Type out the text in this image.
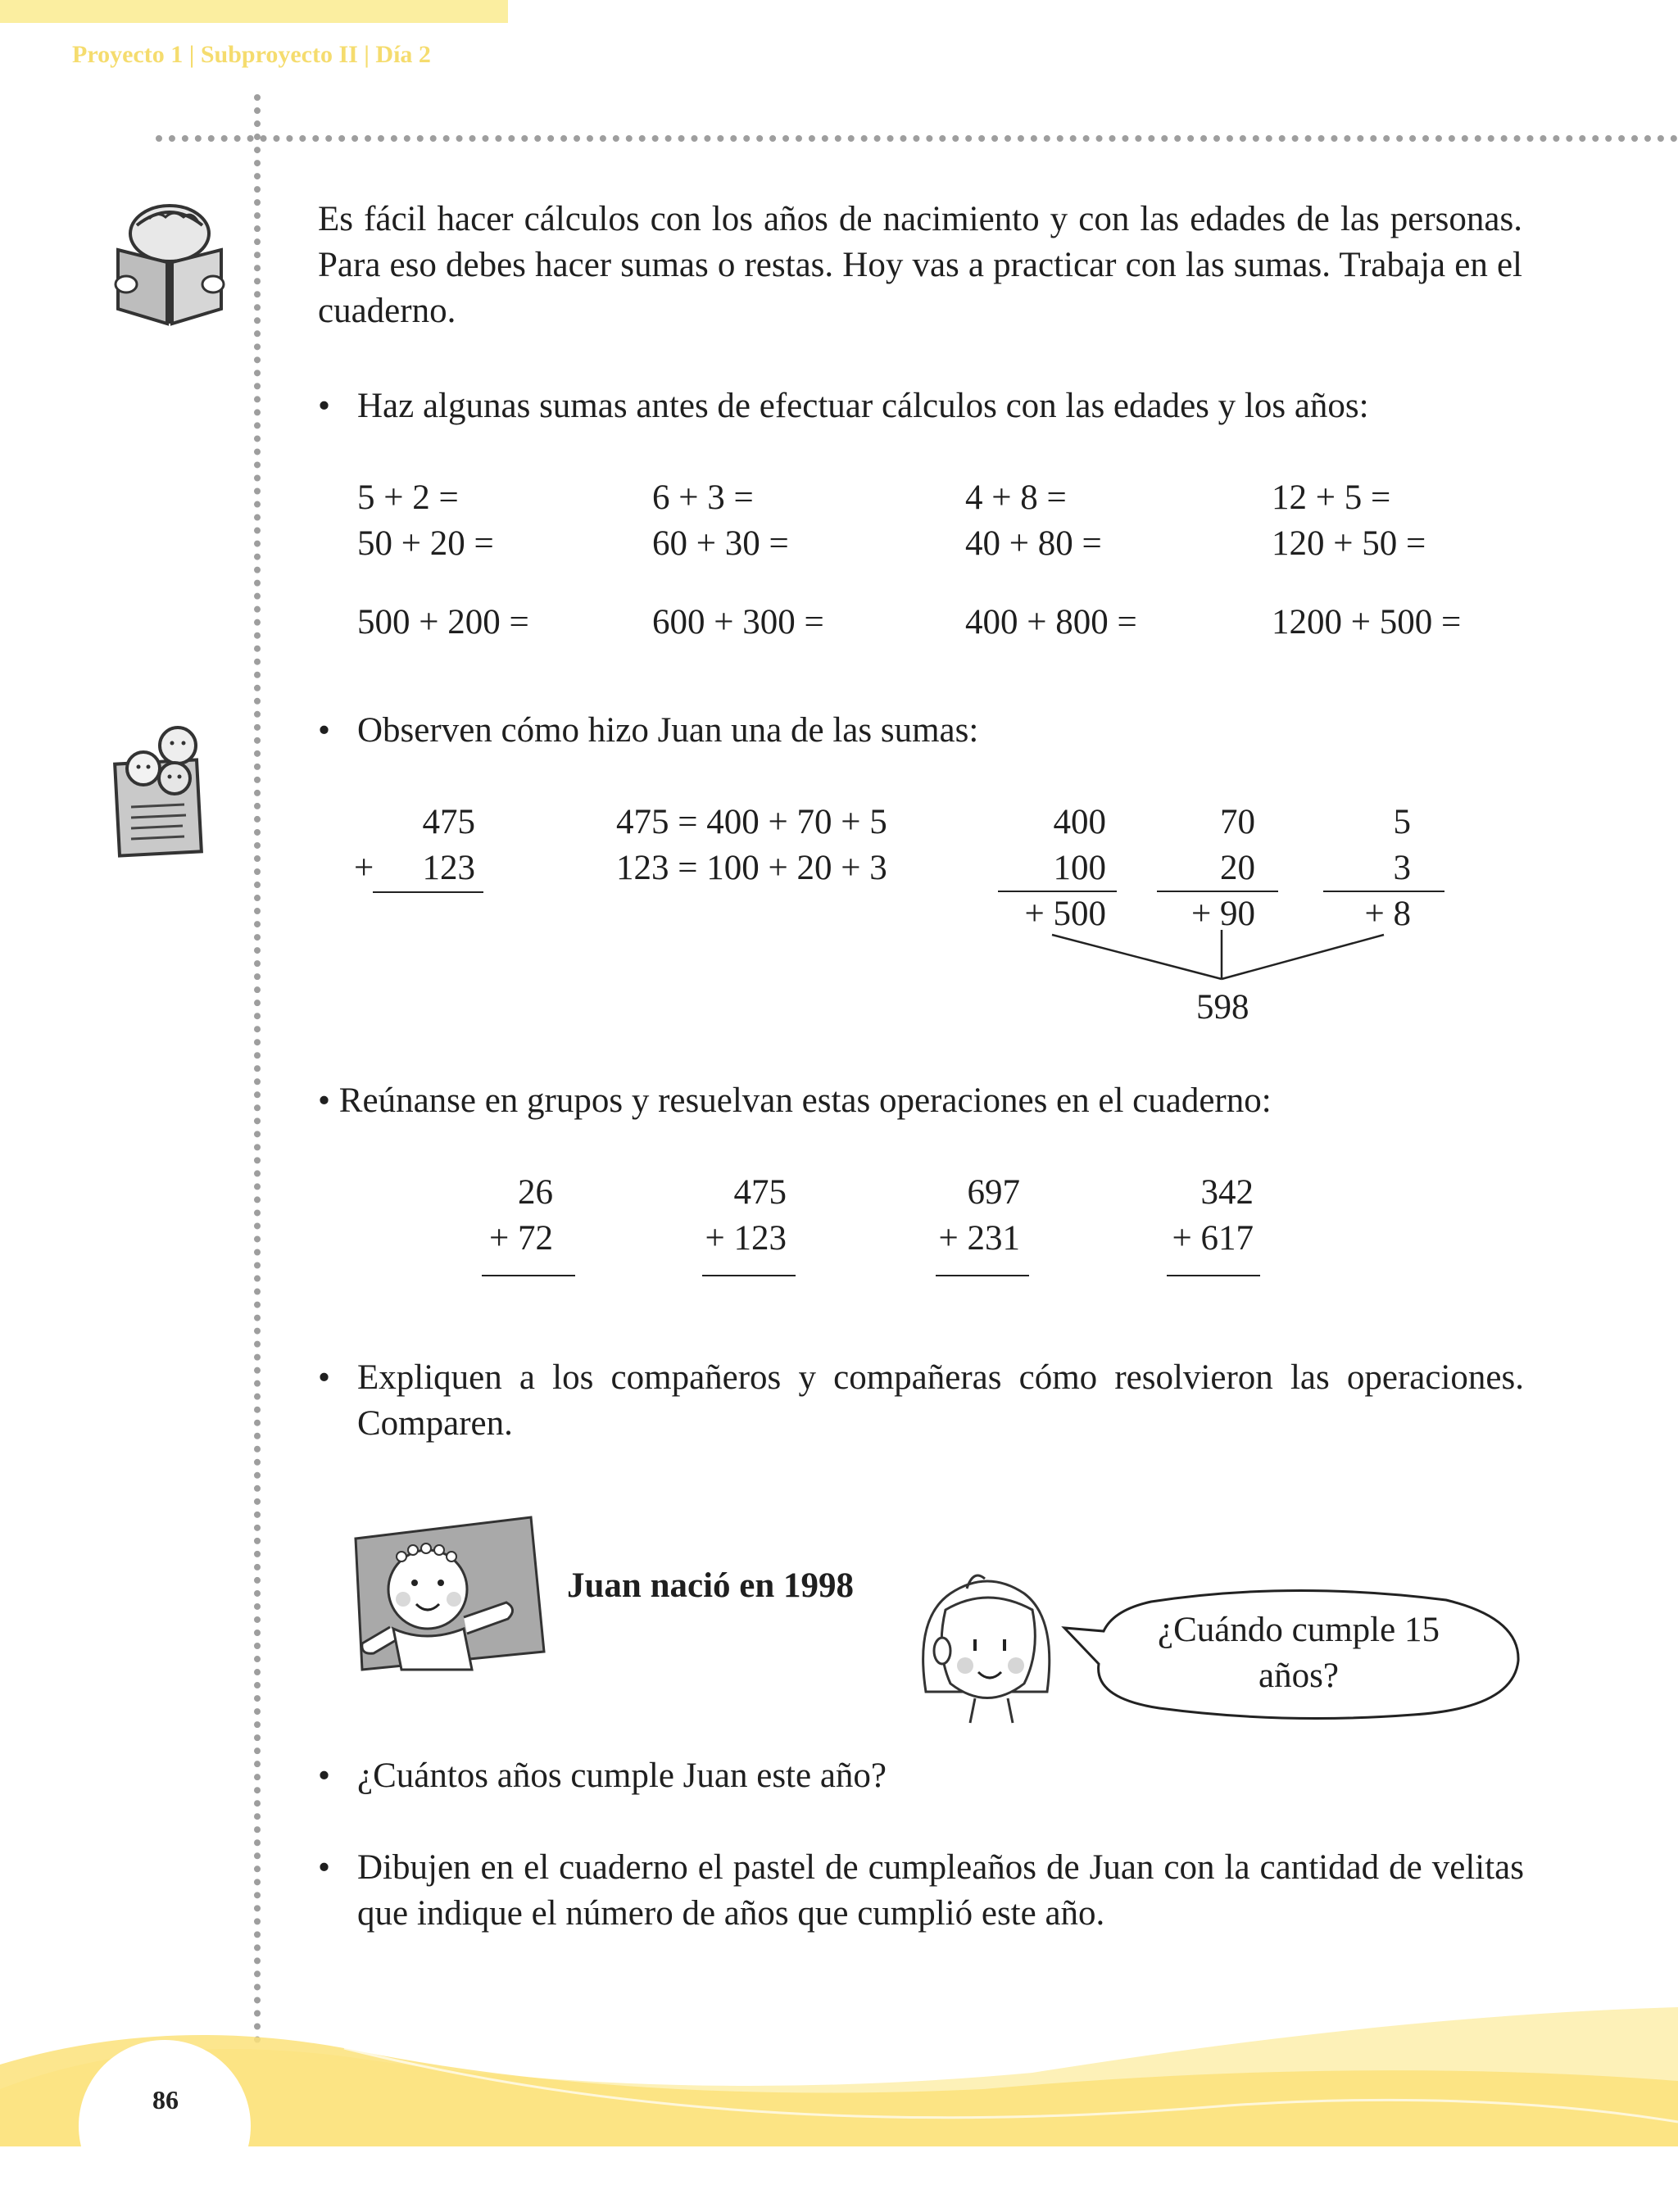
Proyecto 1 | Subproyecto II | Día 2
Es fácil hacer cálculos con los años de nacimiento y con las edades de las personas. Para eso debes hacer sumas o restas. Hoy vas a practicar con las sumas. Trabaja en el cuaderno.
• Haz algunas sumas antes de efectuar cálculos con las edades y los años:
5 + 2 =
50 + 20 =
500 + 200 =
6 + 3 =
60 + 30 =
600 + 300 =
4 + 8 =
40 + 80 =
400 + 800 =
12 + 5 =
120 + 50 =
1200 + 500 =
• Observen cómo hizo Juan una de las sumas:
475
+	123
475 = 400 + 70 + 5
123 = 100 + 20 + 3
400
100
+ 500
70
20
+ 90
5
3
+ 8
598
• Reúnanse en grupos y resuelvan estas operaciones en el cuaderno:
26
+ 72
475
+ 123
697
+ 231
342
+ 617
• Expliquen a los compañeros y compañeras cómo resolvieron las operaciones. Comparen.
Juan nació en 1998
¿Cuándo cumple 15 años?
• ¿Cuántos años cumple Juan este año?
• Dibujen en el cuaderno el pastel de cumpleaños de Juan con la cantidad de velitas que indique el número de años que cumplió este año.
86
